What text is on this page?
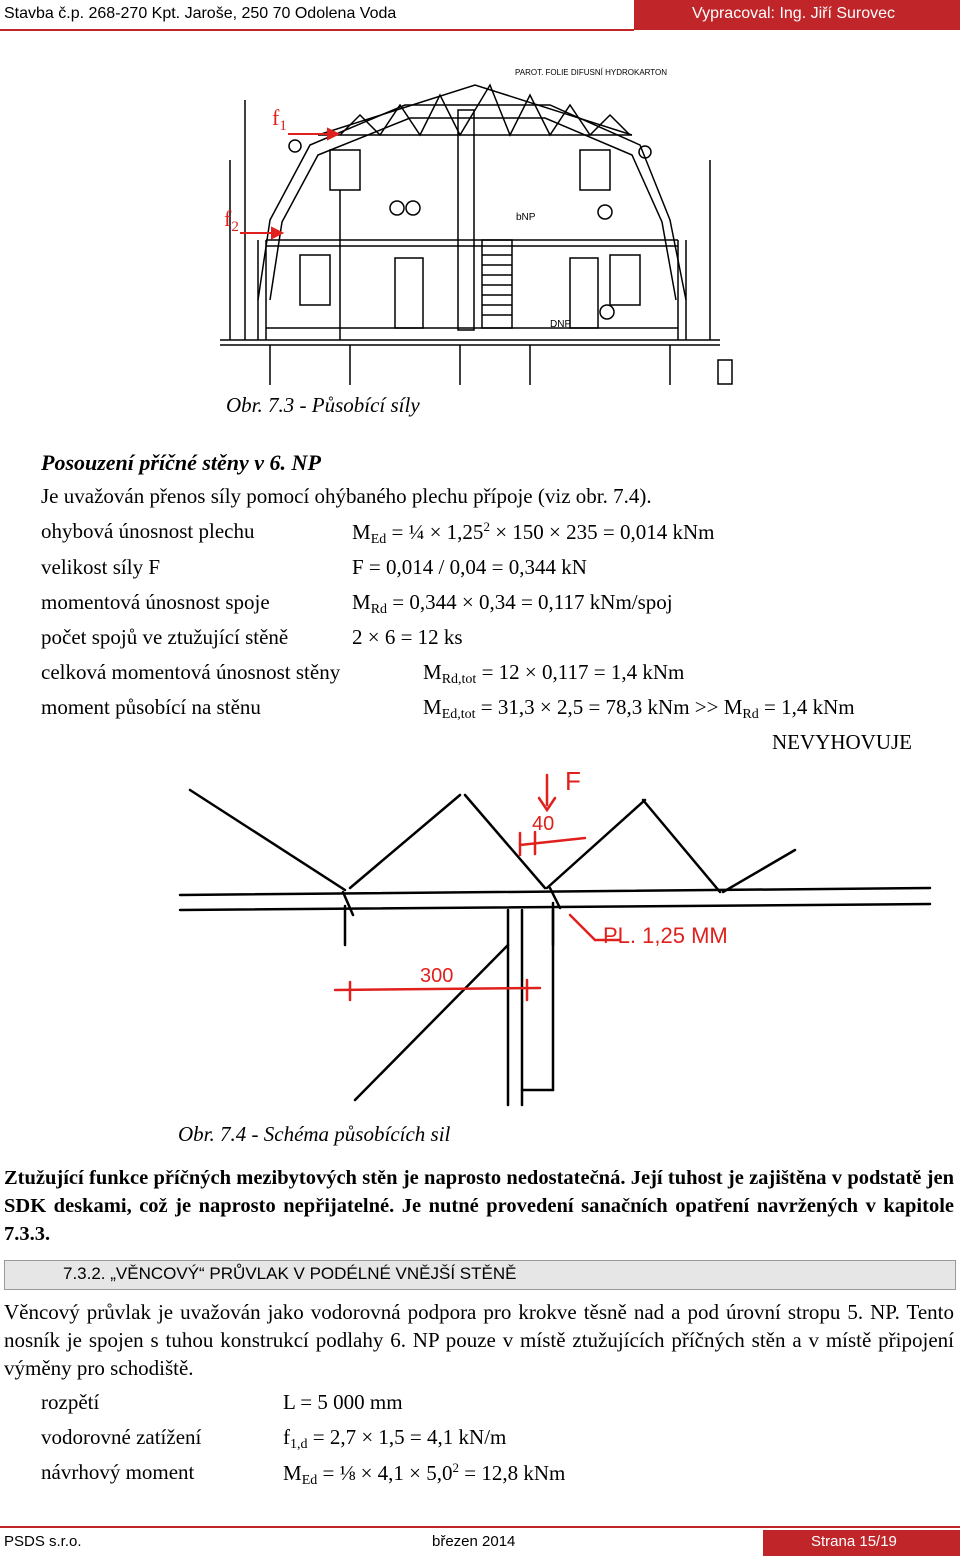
Stavba č.p. 268-270 Kpt. Jaroše, 250 70 Odolena Voda	Vypracoval: Ing. Jiří Surovec
bNP
DNP
PAROT. FOLIE DIFUSNÍ HYDROKARTON
$f_1$
$f_2$
Obr. 7.3 - Působící síly
Posouzení příčné stěny v 6. NP
Je uvažován přenos síly pomocí ohýbaného plechu přípoje (viz obr. 7.4).
ohybová únosnost plechu	$M_{Ed}$ = ¼ × $1,25^2 \times 150 \times 235 = 0,014$ kNm
velikost síly F	F = 0,014 / 0,04 = 0,344 kN
momentová únosnost spoje	$M_{Rd} = 0,344 \times 0,34 = 0,117$ kNm/spoj
počet spojů ve ztužující stěně	2 × 6 = 12 ks
celková momentová únosnost stěny	$M_{Rd,tot} = 12 \times 0,117 = 1,4$ kNm
moment působící na stěnu	$M_{Ed,tot} = 31,3 \times 2,5 = 78,3$ kNm >> $M_{Rd} = 1,4$ kNm
NEVYHOVUJE
F
40
PL. 1,25 MM
300
Obr. 7.4 - Schéma působících sil
Ztužující funkce příčných mezibytových stěn je naprosto nedostatečná. Její tuhost je zajištěna v podstatě jen SDK deskami, což je naprosto nepřijatelné. Je nutné provedení sanačních opatření navržených v kapitole 7.3.3.
7.3.2. „VĚNCOVÝ“ PRŮVLAK V PODÉLNÉ VNĚJŠÍ STĚNĚ
Věncový průvlak je uvažován jako vodorovná podpora pro krokve těsně nad a pod úrovní stropu 5. NP. Tento nosník je spojen s tuhou konstrukcí podlahy 6. NP pouze v místě ztužujících příčných stěn a v místě připojení výměny pro schodiště.
rozpětí	L = 5 000 mm
vodorovné zatížení	$f_{1,d} = 2,7 \times 1,5 = 4,1$ kN/m
návrhový moment	$M_{Ed}$ = ⅛ × $4,1 \times 5,0^2 = 12,8$ kNm
PSDS s.r.o.	březen 2014	Strana 15/19
